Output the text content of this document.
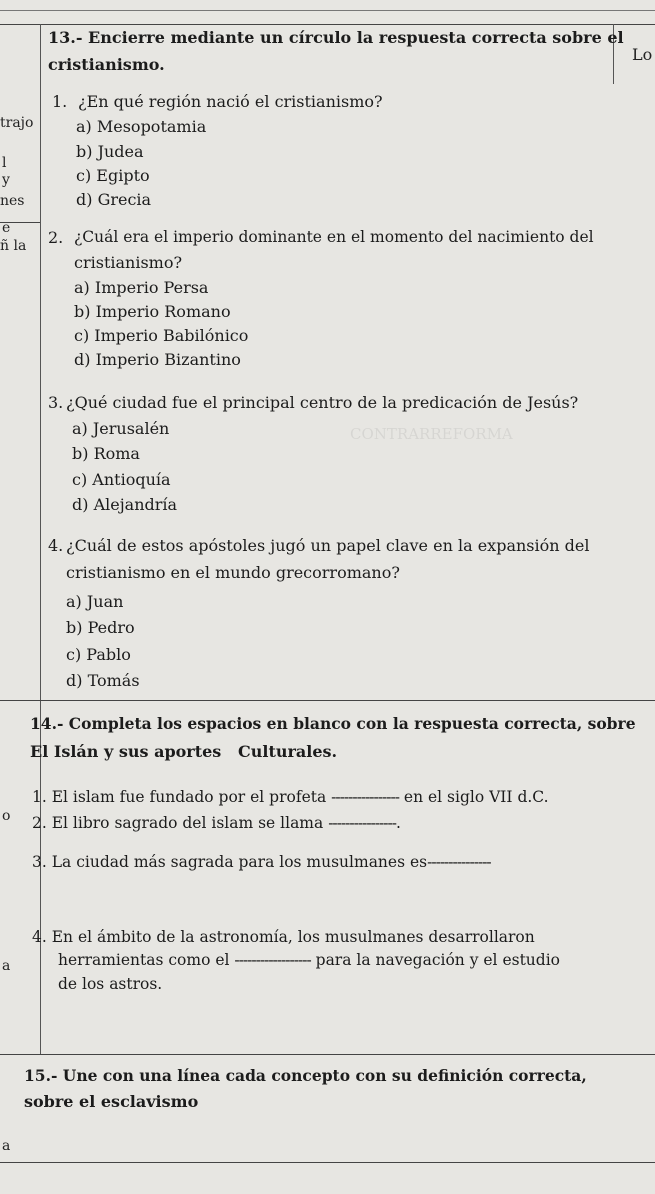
CONTRARREFORMA
trajo
l
y
nes
e
ñ la
o
a
a
Lo
13.- Encierre mediante un círculo la respuesta correcta sobre el
cristianismo.
1. ¿En qué región nació el cristianismo?
a) Mesopotamia
b) Judea
c) Egipto
d) Grecia
2. ¿Cuál era el imperio dominante en el momento del nacimiento del
cristianismo?
a) Imperio Persa
b) Imperio Romano
c) Imperio Babilónico
d) Imperio Bizantino
3. ¿Qué ciudad fue el principal centro de la predicación de Jesús?
a) Jerusalén
b) Roma
c) Antioquía
d) Alejandría
4. ¿Cuál de estos apóstoles jugó un papel clave en la expansión del
cristianismo en el mundo grecorromano?
a) Juan
b) Pedro
c) Pablo
d) Tomás
14.- Completa los espacios en blanco con la respuesta correcta, sobre
El Islán y sus aportes   Culturales.
1. El islam fue fundado por el profeta ---------------- en el siglo VII d.C.
2. El libro sagrado del islam se llama ----------------.
3. La ciudad más sagrada para los musulmanes es---------------
4. En el ámbito de la astronomía, los musulmanes desarrollaron
herramientas como el ------------------ para la navegación y el estudio
de los astros.
15.- Une con una línea cada concepto con su definición correcta,
sobre el esclavismo
